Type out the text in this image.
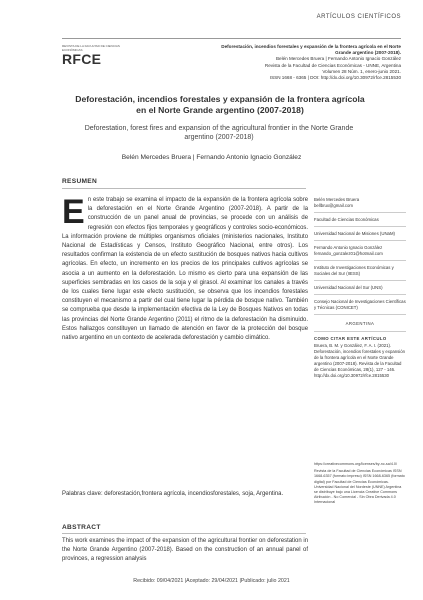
ARTÍCULOS CIENTÍFICOS
REVISTA DE LA FACULTAD DE CIENCIAS ECONÓMICAS
RFCE
Deforestación, incendios forestales y expansión de la frontera agrícola en el Norte Grande argentino (2007-2018).
Belén Mercedes Bruera | Fernando Antonio Ignacio González
Revista de la Facultad de Ciencias Económicas - UNNE, Argentina
Volumen 28 Núm. 1, enero-junio 2021.
ISSN 1668 - 6365 | DOI: http://dx.doi.org/10.30972/rfce.2815530
Deforestación, incendios forestales y expansión de la frontera agrícola en el Norte Grande argentino (2007-2018)
Deforestation, forest fires and expansion of the agricultural frontier in the Norte Grande argentino (2007-2018)
Belén Mercedes Bruera | Fernando Antonio Ignacio González
RESUMEN
En este trabajo se examina el impacto de la expansión de la frontera agrícola sobre la deforestación en el Norte Grande Argentino (2007-2018). A partir de la construcción de un panel anual de provincias, se procede con un análisis de regresión con efectos fijos temporales y geográficos y controles socio-económicos. La información proviene de múltiples organismos oficiales (ministerios nacionales, Instituto Nacional de Estadísticas y Censos, Instituto Geográfico Nacional, entre otros). Los resultados confirman la existencia de un efecto sustitución de bosques nativos hacia cultivos agrícolas. En efecto, un incremento en los precios de los principales cultivos agrícolas se asocia a un aumento en la deforestación. Lo mismo es cierto para una expansión de las superficies sembradas en los casos de la soja y el girasol. Al examinar los canales a través de los cuales tiene lugar este efecto sustitución, se observa que los incendios forestales constituyen el mecanismo a partir del cual tiene lugar la pérdida de bosque nativo. También se comprueba que desde la implementación efectiva de la Ley de Bosques Nativos en todas las provincias del Norte Grande Argentino (2011) el ritmo de la deforestación ha disminuido. Estos hallazgos constituyen un llamado de atención en favor de la protección del bosque nativo argentino en un contexto de acelerada deforestación y cambio climático.
Palabras clave: deforestación,frontera agrícola, incendiosforestales, soja, Argentina.
Belén Mercedes Bruera
bellbrux@gmail.com
Facultad de Ciencias Económicas
Universidad Nacional de Misiones (UNaM)
Fernando Antonio Ignacio González
fernando_gonzalez01@hotmail.com
Instituto de Investigaciones Económicas y Sociales del Sur (IIESS)
Universidad Nacional del Sur (UNS)
Consejo Nacional de Investigaciones Científicas y Técnicas (CONICET)
ARGENTINA
COMO CITAR ESTE ARTÍCULO
Bruera, B. M. y González, F. A. I. (2021). Deforestación, incendios forestales y expansión de la frontera agrícola en el Norte Grande argentino (2007-2018). Revista de la Facultad de Ciencias Económicas, 28(1), 127 - 146. http://dx.doi.org/10.30972/rfce.2815530
https://creativecommons.org/licenses/by-nc-sa/4.0/
Revista de la Facultad de Ciencias Económicas ISSN 1668-6357 (formato impreso) ISSN 1668-6365 (formato digital) por Facultad de Ciencias Económicas. Universidad Nacional del Nordeste (UNNE) Argentina se distribuye bajo una Licencia Creative Commons Atribución - No Comercial - Sin Obra Derivada 4.0 Internacional
ABSTRACT
This work examines the impact of the expansion of the agricultural frontier on deforestation in the Norte Grande Argentino (2007-2018). Based on the construction of an annual panel of provinces, a regression analysis
Recibido: 09/04/2021 |Aceptado: 29/04/2021 |Publicado: julio 2021
